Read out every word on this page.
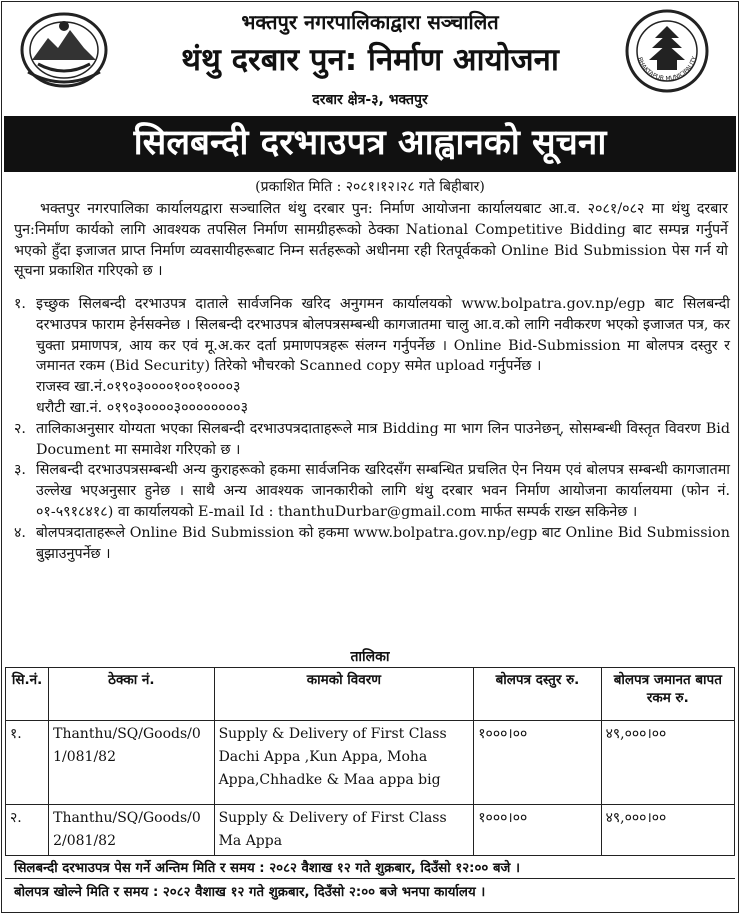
भक्तपुर नगरपालिकाद्वारा सञ्चालित
थंथु दरबार पुन: निर्माण आयोजना	BHAKTAPUR MUNICIPALITY
दरबार क्षेत्र-३, भक्तपुर
सिलबन्दी दरभाउपत्र आह्वानको सूचना
(प्रकाशित मिति : २०८१।१२।२८ गते बिहीबार)
भक्तपुर नगरपालिका कार्यालयद्वारा सञ्चालित थंथु दरबार पुन: निर्माण आयोजना कार्यालयबाट आ.व. २०८१/०८२ मा थंथु दरबार पुन:निर्माण कार्यको लागि आवश्यक तपसिल निर्माण सामग्रीहरूको ठेक्का National Competitive Bidding बाट सम्पन्न गर्नुपर्ने भएको हुँदा इजाजत प्राप्त निर्माण व्यवसायीहरूबाट निम्न सर्तहरूको अधीनमा रही रितपूर्वकको Online Bid Submission पेस गर्न यो सूचना प्रकाशित गरिएको छ ।
१. इच्छुक सिलबन्दी दरभाउपत्र दाताले सार्वजनिक खरिद अनुगमन कार्यालयको www.bolpatra.gov.np/egp बाट सिलबन्दी दरभाउपत्र फाराम हेर्नसक्नेछ । सिलबन्दी दरभाउपत्र बोलपत्रसम्बन्धी कागजातमा चालु आ.व.को लागि नवीकरण भएको इजाजत पत्र, कर चुक्ता प्रमाणपत्र, आय कर एवं मू.अ.कर दर्ता प्रमाणपत्रहरू संलग्न गर्नुपर्नेछ । Online Bid-Submission मा बोलपत्र दस्तुर र जमानत रकम (Bid Security) तिरेको भौचरको Scanned copy समेत upload गर्नुपर्नेछ ।
राजस्व खा.नं.०१९०३००००१००१००००३
धरौटी खा.नं. ०१९०३००००३००००००००३
२. तालिकाअनुसार योग्यता भएका सिलबन्दी दरभाउपत्रदाताहरूले मात्र Bidding मा भाग लिन पाउनेछन्, सोसम्बन्धी विस्तृत विवरण Bid Document मा समावेश गरिएको छ ।
३. सिलबन्दी दरभाउपत्रसम्बन्धी अन्य कुराहरूको हकमा सार्वजनिक खरिदसँग सम्बन्धित प्रचलित ऐन नियम एवं बोलपत्र सम्बन्धी कागजातमा उल्लेख भएअनुसार हुनेछ । साथै अन्य आवश्यक जानकारीको लागि थंथु दरबार भवन निर्माण आयोजना कार्यालयमा (फोन नं. ०१-५९१८४१८) वा कार्यालयको E-mail Id : thanthuDurbar@gmail.com मार्फत सम्पर्क राख्न सकिनेछ ।
४. बोलपत्रदाताहरूले Online Bid Submission को हकमा www.bolpatra.gov.np/egp बाट Online Bid Submission बुझाउनुपर्नेछ ।
तालिका
सि.नं.	ठेक्का नं.	कामको विवरण	बोलपत्र दस्तुर रु.	बोलपत्र जमानत बापत रकम रु.
१.	Thanthu/SQ/Goods/01/081/82	Supply & Delivery of First Class Dachi Appa ,Kun Appa, Moha Appa,Chhadke & Maa appa big	१०००।००	४९,०००।००
२.	Thanthu/SQ/Goods/02/081/82	Supply & Delivery of First Class Ma Appa	१०००।००	४९,०००।००
सिलबन्दी दरभाउपत्र पेस गर्ने अन्तिम मिति र समय : २०८२ वैशाख १२ गते शुक्रबार, दिउँसो १२:०० बजे ।
बोलपत्र खोल्ने मिति र समय : २०८२ वैशाख १२ गते शुक्रबार, दिउँसो २:०० बजे भनपा कार्यालय ।
